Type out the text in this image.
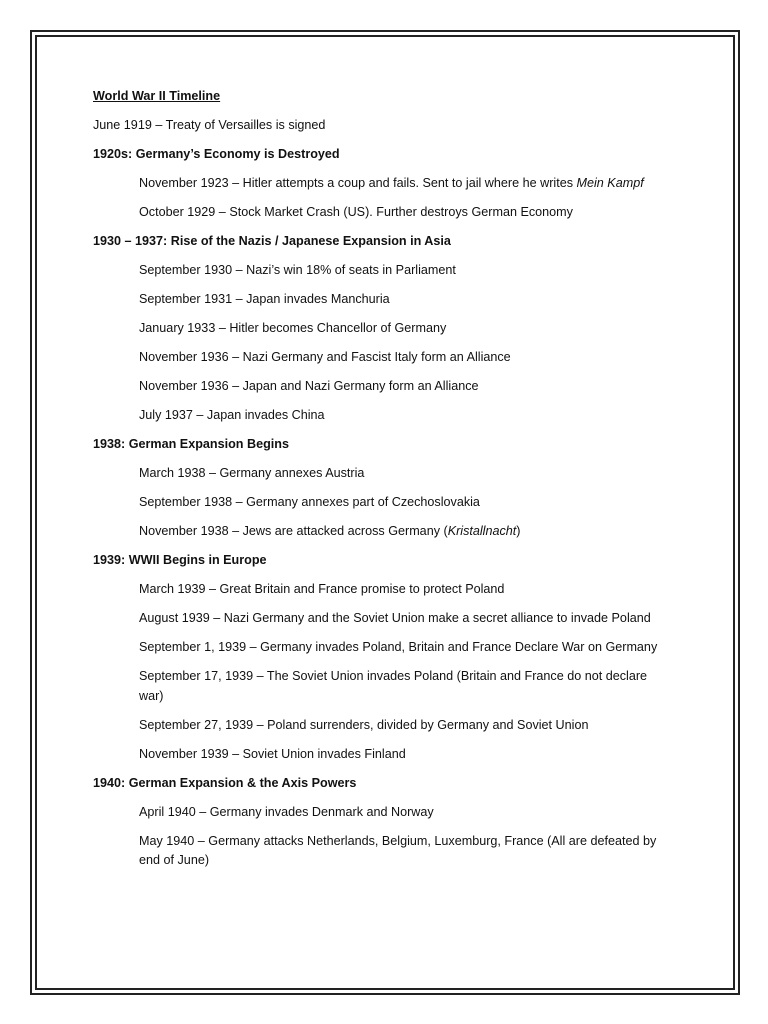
World War II Timeline

June 1919 – Treaty of Versailles is signed

1920s: Germany’s Economy is Destroyed

November 1923 – Hitler attempts a coup and fails. Sent to jail where he writes Mein Kampf

October 1929 – Stock Market Crash (US). Further destroys German Economy

1930 – 1937: Rise of the Nazis / Japanese Expansion in Asia

September 1930 – Nazi’s win 18% of seats in Parliament

September 1931 – Japan invades Manchuria

January 1933 – Hitler becomes Chancellor of Germany

November 1936 – Nazi Germany and Fascist Italy form an Alliance

November 1936 – Japan and Nazi Germany form an Alliance

July 1937 – Japan invades China

1938: German Expansion Begins

March 1938 – Germany annexes Austria

September 1938 – Germany annexes part of Czechoslovakia

November 1938 – Jews are attacked across Germany (Kristallnacht)

1939: WWII Begins in Europe

March 1939 – Great Britain and France promise to protect Poland

August 1939 – Nazi Germany and the Soviet Union make a secret alliance to invade Poland

September 1, 1939 – Germany invades Poland, Britain and France Declare War on Germany

September 17, 1939 – The Soviet Union invades Poland (Britain and France do not declare war)

September 27, 1939 – Poland surrenders, divided by Germany and Soviet Union

November 1939 – Soviet Union invades Finland

1940: German Expansion & the Axis Powers

April 1940 – Germany invades Denmark and Norway

May 1940 – Germany attacks Netherlands, Belgium, Luxemburg, France (All are defeated by end of June)
